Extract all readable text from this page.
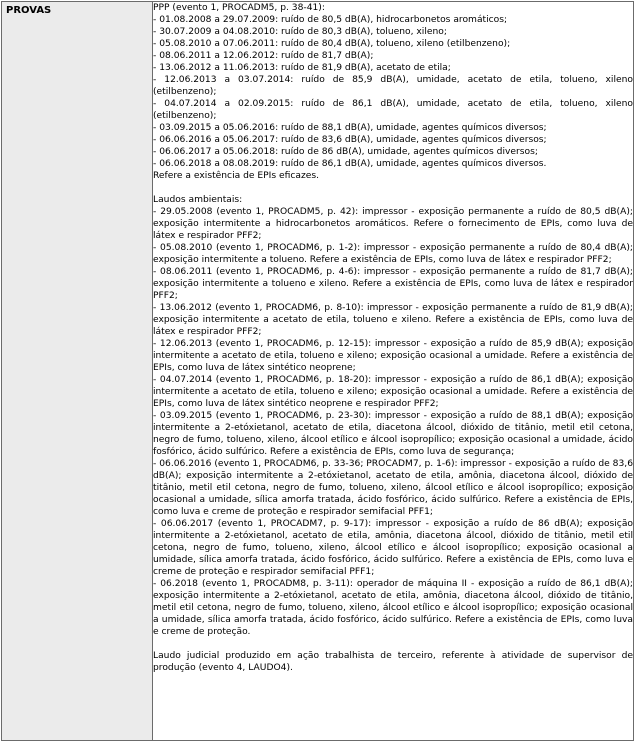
PROVAS	PPP (evento 1, PROCADM5, p. 38-41):

- 01.08.2008 a 29.07.2009: ruído de 80,5 dB(A), hidrocarbonetos aromáticos;

- 30.07.2009 a 04.08.2010: ruído de 80,3 dB(A), tolueno, xileno;

- 05.08.2010 a 07.06.2011: ruído de 80,4 dB(A), tolueno, xileno (etilbenzeno);

- 08.06.2011 a 12.06.2012: ruído de 81,7 dB(A);

- 13.06.2012 a 11.06.2013: ruído de 81,9 dB(A), acetato de etila;

- 12.06.2013 a 03.07.2014: ruído de 85,9 dB(A), umidade, acetato de etila, tolueno, xileno (etilbenzeno);

- 04.07.2014 a 02.09.2015: ruído de 86,1 dB(A), umidade, acetato de etila, tolueno, xileno (etilbenzeno);

- 03.09.2015 a 05.06.2016: ruído de 88,1 dB(A), umidade, agentes químicos diversos;

- 06.06.2016 a 05.06.2017: ruído de 83,6 dB(A), umidade, agentes químicos diversos;

- 06.06.2017 a 05.06.2018: ruído de 86 dB(A), umidade, agentes químicos diversos;

- 06.06.2018 a 08.08.2019: ruído de 86,1 dB(A), umidade, agentes químicos diversos.

Refere a existência de EPIs eficazes.

Laudos ambientais:

- 29.05.2008 (evento 1, PROCADM5, p. 42): impressor - exposição permanente a ruído de 80,5 dB(A); exposição intermitente a hidrocarbonetos aromáticos. Refere o fornecimento de EPIs, como luva de látex e respirador PFF2;

- 05.08.2010 (evento 1, PROCADM6, p. 1-2): impressor - exposição permanente a ruído de 80,4 dB(A); exposição intermitente a tolueno. Refere a existência de EPIs, como luva de látex e respirador PFF2;

- 08.06.2011 (evento 1, PROCADM6, p. 4-6): impressor - exposição permanente a ruído de 81,7 dB(A); exposição intermitente a tolueno e xileno. Refere a existência de EPIs, como luva de látex e respirador PFF2;

- 13.06.2012 (evento 1, PROCADM6, p. 8-10): impressor - exposição permanente a ruído de 81,9 dB(A); exposição intermitente a acetato de etila, tolueno e xileno. Refere a existência de EPIs, como luva de látex e respirador PFF2;

- 12.06.2013 (evento 1, PROCADM6, p. 12-15): impressor - exposição a ruído de 85,9 dB(A); exposição intermitente a acetato de etila, tolueno e xileno; exposição ocasional a umidade. Refere a existência de EPIs, como luva de látex sintético neoprene;

- 04.07.2014 (evento 1, PROCADM6, p. 18-20): impressor - exposição a ruído de 86,1 dB(A); exposição intermitente a acetato de etila, tolueno e xileno; exposição ocasional a umidade. Refere a existência de EPIs, como luva de látex sintético neoprene e respirador PFF2;

- 03.09.2015 (evento 1, PROCADM6, p. 23-30): impressor - exposição a ruído de 88,1 dB(A); exposição intermitente a 2-etóxietanol, acetato de etila, diacetona álcool, dióxido de titânio, metil etil cetona, negro de fumo, tolueno, xileno, álcool etílico e álcool isopropílico; exposição ocasional a umidade, ácido fosfórico, ácido sulfúrico. Refere a existência de EPIs, como luva de segurança;

- 06.06.2016 (evento 1, PROCADM6, p. 33-36; PROCADM7, p. 1-6): impressor - exposição a ruído de 83,6 dB(A); exposição intermitente a 2-etóxietanol, acetato de etila, amônia, diacetona álcool, dióxido de titânio, metil etil cetona, negro de fumo, tolueno, xileno, álcool etílico e álcool isopropílico; exposição ocasional a umidade, sílica amorfa tratada, ácido fosfórico, ácido sulfúrico. Refere a existência de EPIs, como luva e creme de proteção e respirador semifacial PFF1;

- 06.06.2017 (evento 1, PROCADM7, p. 9-17): impressor - exposição a ruído de 86 dB(A); exposição intermitente a 2-etóxietanol, acetato de etila, amônia, diacetona álcool, dióxido de titânio, metil etil cetona, negro de fumo, tolueno, xileno, álcool etílico e álcool isopropílico; exposição ocasional a umidade, sílica amorfa tratada, ácido fosfórico, ácido sulfúrico. Refere a existência de EPIs, como luva e creme de proteção e respirador semifacial PFF1;

- 06.2018 (evento 1, PROCADM8, p. 3-11): operador de máquina II - exposição a ruído de 86,1 dB(A); exposição intermitente a 2-etóxietanol, acetato de etila, amônia, diacetona álcool, dióxido de titânio, metil etil cetona, negro de fumo, tolueno, xileno, álcool etílico e álcool isopropílico; exposição ocasional a umidade, sílica amorfa tratada, ácido fosfórico, ácido sulfúrico. Refere a existência de EPIs, como luva e creme de proteção.

Laudo judicial produzido em ação trabalhista de terceiro, referente à atividade de supervisor de produção (evento 4, LAUDO4).
